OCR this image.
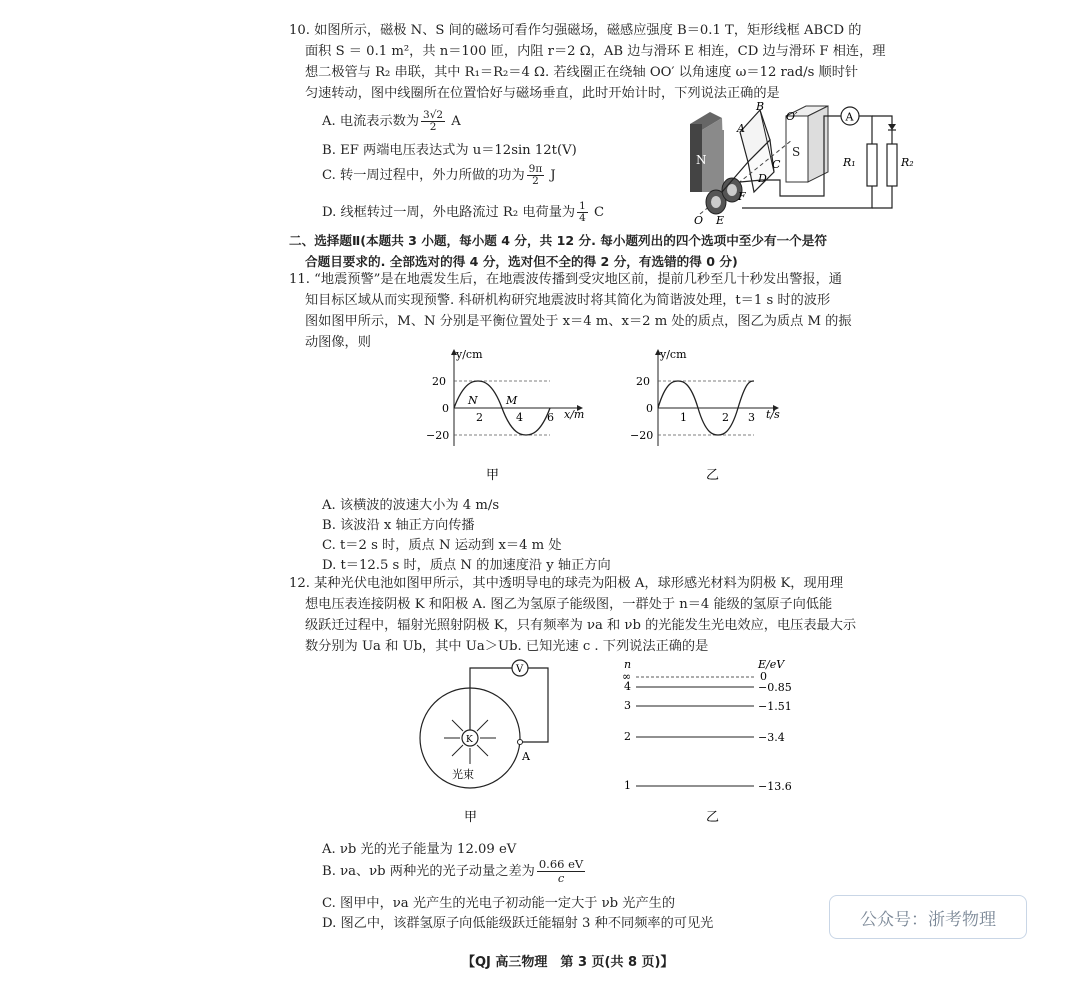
10. 如图所示，磁极 N、S 间的磁场可看作匀强磁场，磁感应强度 B＝0.1 T，矩形线框 ABCD 的
面积 S ＝ 0.1 m²，共 n＝100 匝，内阻 r＝2 Ω，AB 边与滑环 E 相连，CD 边与滑环 F 相连，理
想二极管与 R₂ 串联，其中 R₁＝R₂＝4 Ω. 若线圈正在绕轴 OO′ 以角速度 ω＝12 rad/s 顺时针
匀速转动，图中线圈所在位置恰好与磁场垂直，此时开始计时，下列说法正确的是
A. 电流表示数为 $\frac{3√2}{2}$ A
B. EF 两端电压表达式为 u＝12sin 12t(V)
C. 转一周过程中，外力所做的功为 $\frac{9\pi}{2}$ J
D. 线框转过一周，外电路流过 R₂ 电荷量为 $\frac{1}{4}$ C
N
S
A
R₁	R₂
B
A
C
D
F
E
O
O′
二、选择题Ⅱ(本题共 3 小题，每小题 4 分，共 12 分. 每小题列出的四个选项中至少有一个是符
合题目要求的. 全部选对的得 4 分，选对但不全的得 2 分，有选错的得 0 分)
11. “地震预警”是在地震发生后，在地震波传播到受灾地区前，提前几秒至几十秒发出警报，通
知目标区域从而实现预警. 科研机构研究地震波时将其简化为简谐波处理，t＝1 s 时的波形
图如图甲所示，M、N 分别是平衡位置处于 x＝4 m、x＝2 m 处的质点，图乙为质点 M 的振
动图像，则
y/cm
x/m
20
0
−20
2	4 6
N	M
甲
y/cm
t/s
20
0
−20
1	2 3
乙
A. 该横波的波速大小为 4 m/s
B. 该波沿 x 轴正方向传播
C. t＝2 s 时，质点 N 运动到 x＝4 m 处
D. t＝12.5 s 时，质点 N 的加速度沿 y 轴正方向
12. 某种光伏电池如图甲所示，其中透明导电的球壳为阳极 A，球形感光材料为阴极 K，现用理
想电压表连接阴极 K 和阳极 A. 图乙为氢原子能级图，一群处于 n＝4 能级的氢原子向低能
级跃迁过程中，辐射光照射阴极 K，只有频率为 νa 和 νb 的光能发生光电效应，电压表最大示
数分别为 Ua 和 Ub，其中 Ua＞Ub. 已知光速 c . 下列说法正确的是
K
V
A
光束
甲
n	E/eV
∞	0
4	−0.85
3	−1.51
2	−3.4
1	−13.6
乙
A. νb 光的光子能量为 12.09 eV
B. νa、νb 两种光的光子动量之差为 $\frac{0.66 eV}{c}$
C. 图甲中，νa 光产生的光电子初动能一定大于 νb 光产生的
D. 图乙中，该群氢原子向低能级跃迁能辐射 3 种不同频率的可见光	公众号：浙考物理
【QJ 高三物理　第 3 页(共 8 页)】
